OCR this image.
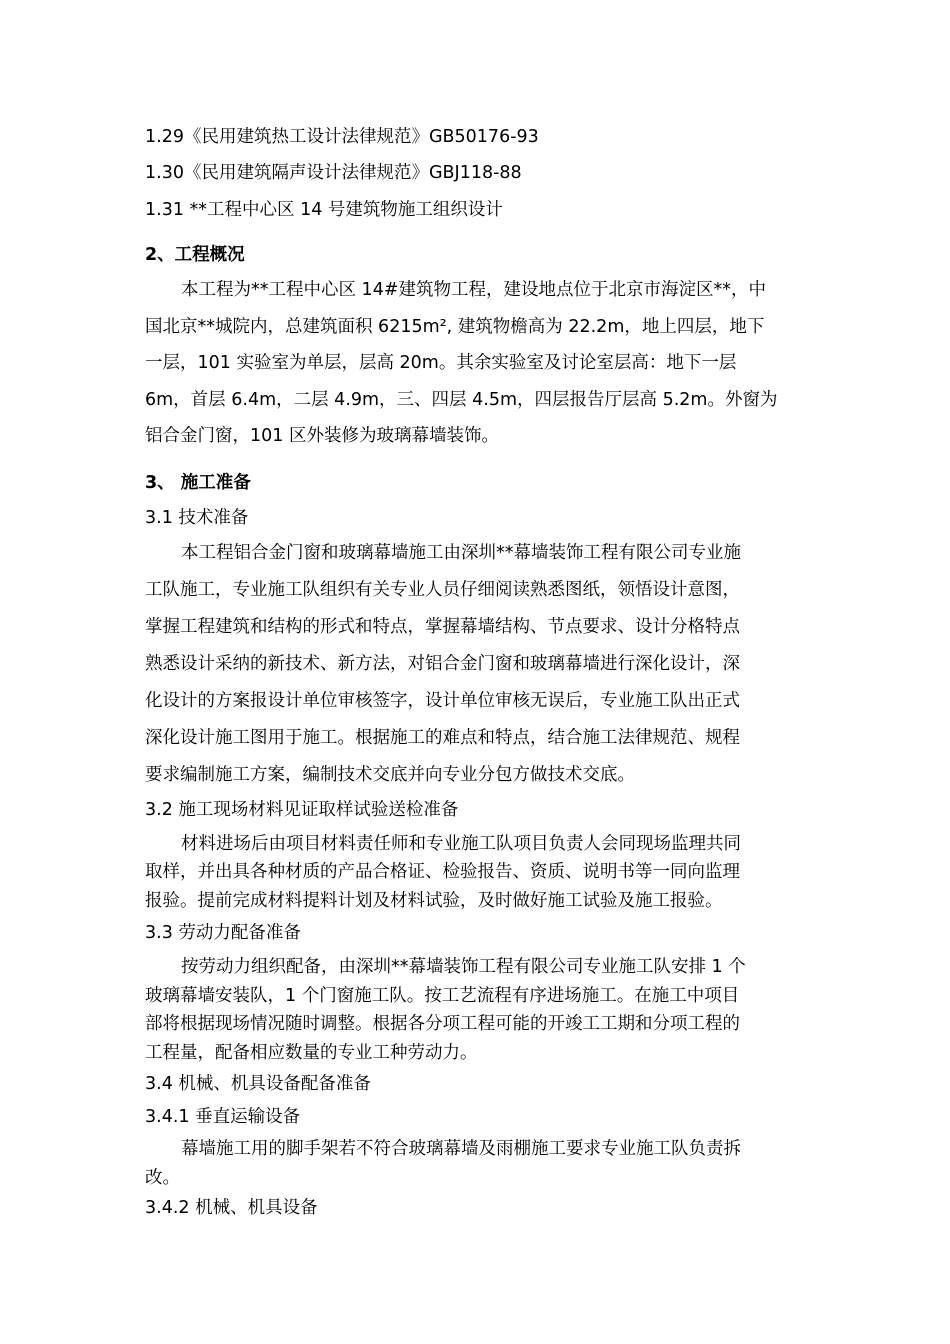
1.29《民用建筑热工设计法律规范》GB50176-93
1.30《民用建筑隔声设计法律规范》GBJ118-88
1.31 **工程中心区 14 号建筑物施工组织设计
2、工程概况
本工程为**工程中心区 14#建筑物工程，建设地点位于北京市海淀区**，中
国北京**城院内，总建筑面积 6215m², 建筑物檐高为 22.2m，地上四层，地下
一层，101 实验室为单层，层高 20m。其余实验室及讨论室层高：地下一层
6m，首层 6.4m，二层 4.9m，三、四层 4.5m，四层报告厅层高 5.2m。外窗为
铝合金门窗，101 区外装修为玻璃幕墙装饰。
3、 施工准备
3.1 技术准备
本工程铝合金门窗和玻璃幕墙施工由深圳**幕墙装饰工程有限公司专业施
工队施工，专业施工队组织有关专业人员仔细阅读熟悉图纸，领悟设计意图，
掌握工程建筑和结构的形式和特点，掌握幕墙结构、节点要求、设计分格特点
熟悉设计采纳的新技术、新方法，对铝合金门窗和玻璃幕墙进行深化设计，深
化设计的方案报设计单位审核签字，设计单位审核无误后，专业施工队出正式
深化设计施工图用于施工。根据施工的难点和特点，结合施工法律规范、规程
要求编制施工方案，编制技术交底并向专业分包方做技术交底。
3.2 施工现场材料见证取样试验送检准备
材料进场后由项目材料责任师和专业施工队项目负责人会同现场监理共同
取样，并出具各种材质的产品合格证、检验报告、资质、说明书等一同向监理
报验。提前完成材料提料计划及材料试验，及时做好施工试验及施工报验。
3.3 劳动力配备准备
按劳动力组织配备，由深圳**幕墙装饰工程有限公司专业施工队安排 1 个
玻璃幕墙安装队，1 个门窗施工队。按工艺流程有序进场施工。在施工中项目
部将根据现场情况随时调整。根据各分项工程可能的开竣工工期和分项工程的
工程量，配备相应数量的专业工种劳动力。
3.4 机械、机具设备配备准备
3.4.1 垂直运输设备
幕墙施工用的脚手架若不符合玻璃幕墙及雨棚施工要求专业施工队负责拆
改。
3.4.2 机械、机具设备
